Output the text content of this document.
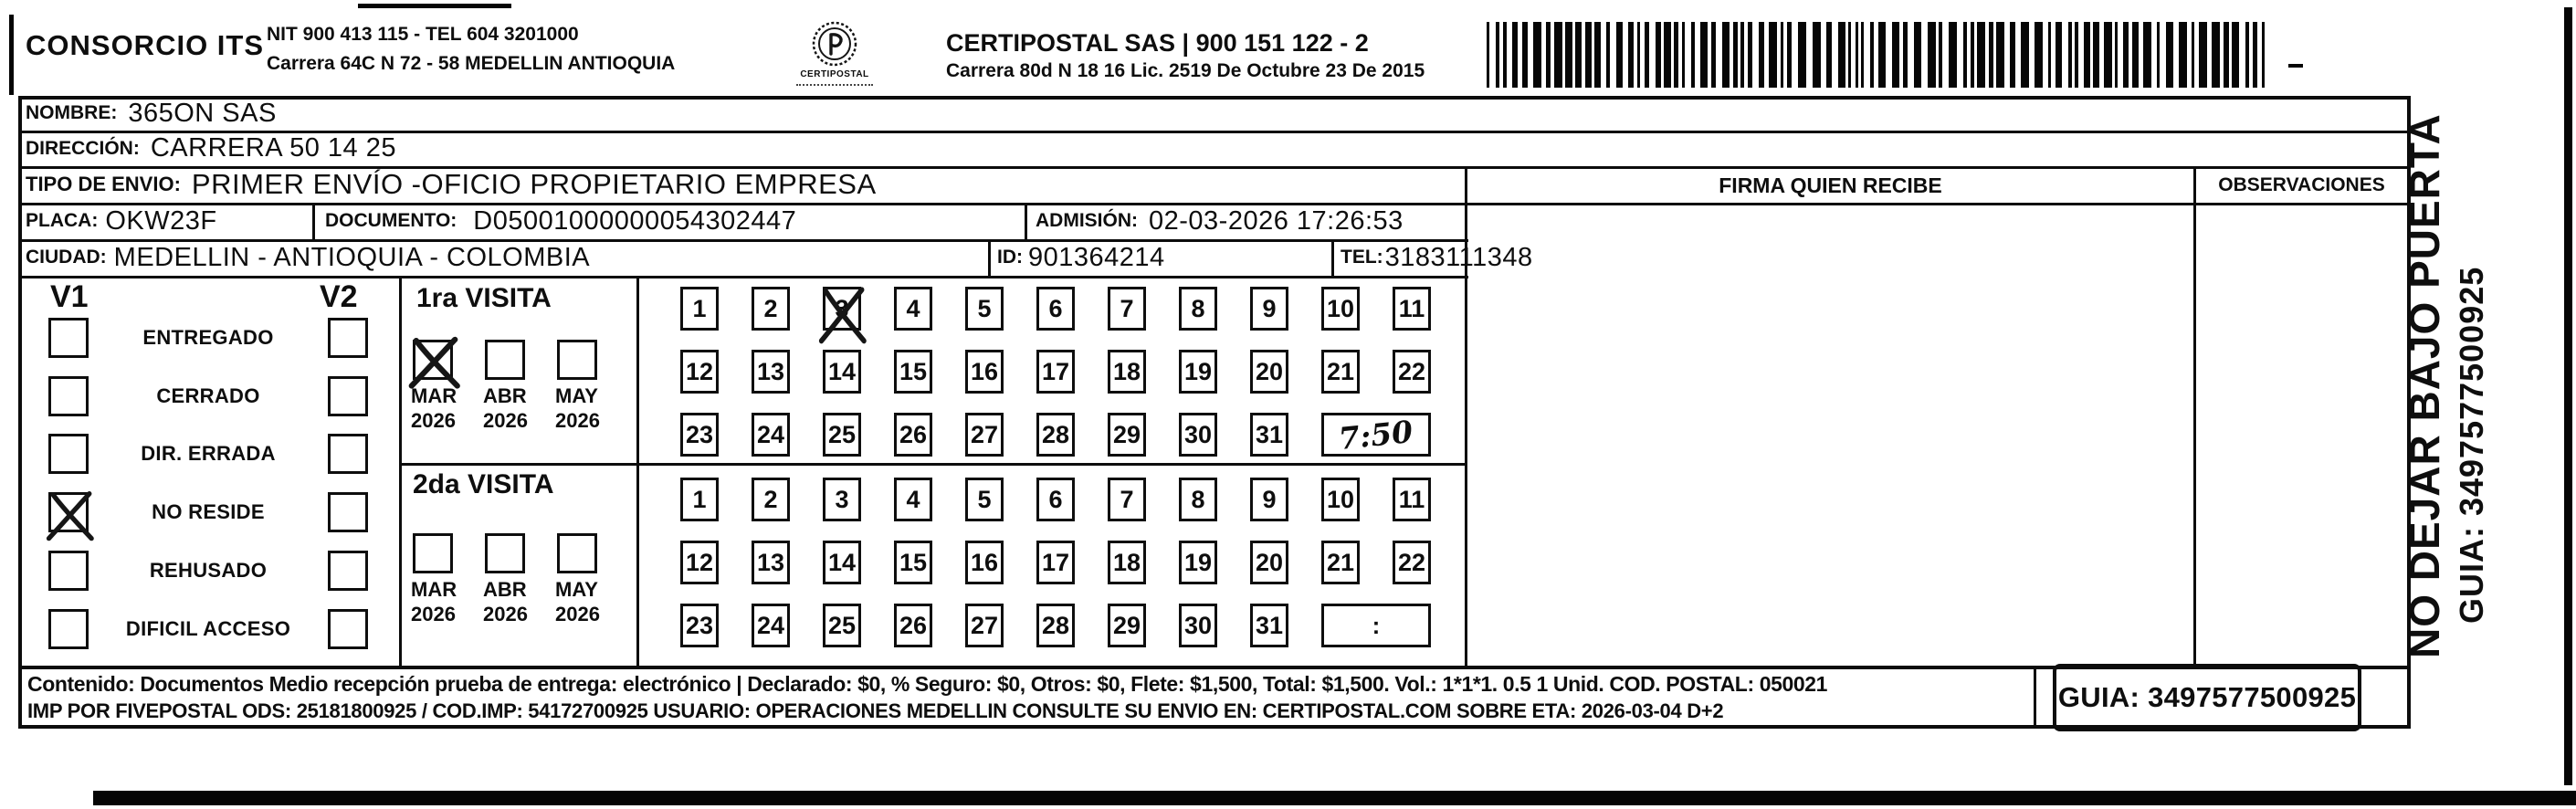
CONSORCIO ITS NIT 900 413 115 - TEL 604 3201000
Carrera 64C N 72 - 58 MEDELLIN ANTIOQUIA
CERTIPOSTAL
CERTIPOSTAL SAS | 900 151 122 - 2
Carrera 80d N 18 16 Lic. 2519 De Octubre 23 De 2015
NOMBRE: 365ON SAS
DIRECCIÓN: CARRERA 50 14 25
TIPO DE ENVIO: PRIMER ENVÍO -OFICIO PROPIETARIO EMPRESA
PLACA: OKW23F	DOCUMENTO: D05001000000054302447	ADMISIÓN: 02-03-2026 17:26:53
CIUDAD: MEDELLIN - ANTIOQUIA - COLOMBIA	ID: 901364214	TEL: 3183111348
FIRMA QUIEN RECIBE	OBSERVACIONES
V1	V2
ENTREGADO
CERRADO
DIR. ERRADA
NO RESIDE
REHUSADO
DIFICIL ACCESO
1ra VISITA
MAR
2026
ABR
2026
MAY
2026
2da VISITA
MAR
2026
ABR
2026
MAY
2026
1 2 3 4 5 6 7 8 9 10 11
12 13 14 15 16 17 18 19 20 21 22
23 24 25 26 27 28 29 30 31 7:50
1 2 3 4 5 6 7 8 9 10 11
12 13 14 15 16 17 18 19 20 21 22
23 24 25 26 27 28 29 30 31	:
Contenido: Documentos Medio recepción prueba de entrega: electrónico | Declarado: $0, % Seguro: $0, Otros: $0, Flete: $1,500, Total: $1,500. Vol.: 1*1*1. 0.5 1 Unid. COD. POSTAL: 050021
IMP POR FIVEPOSTAL ODS: 25181800925 / COD.IMP: 54172700925 USUARIO: OPERACIONES MEDELLIN CONSULTE SU ENVIO EN: CERTIPOSTAL.COM SOBRE ETA: 2026-03-04 D+2	GUIA: 3497577500925
NO DEJAR BAJO PUERTA GUIA: 3497577500925
